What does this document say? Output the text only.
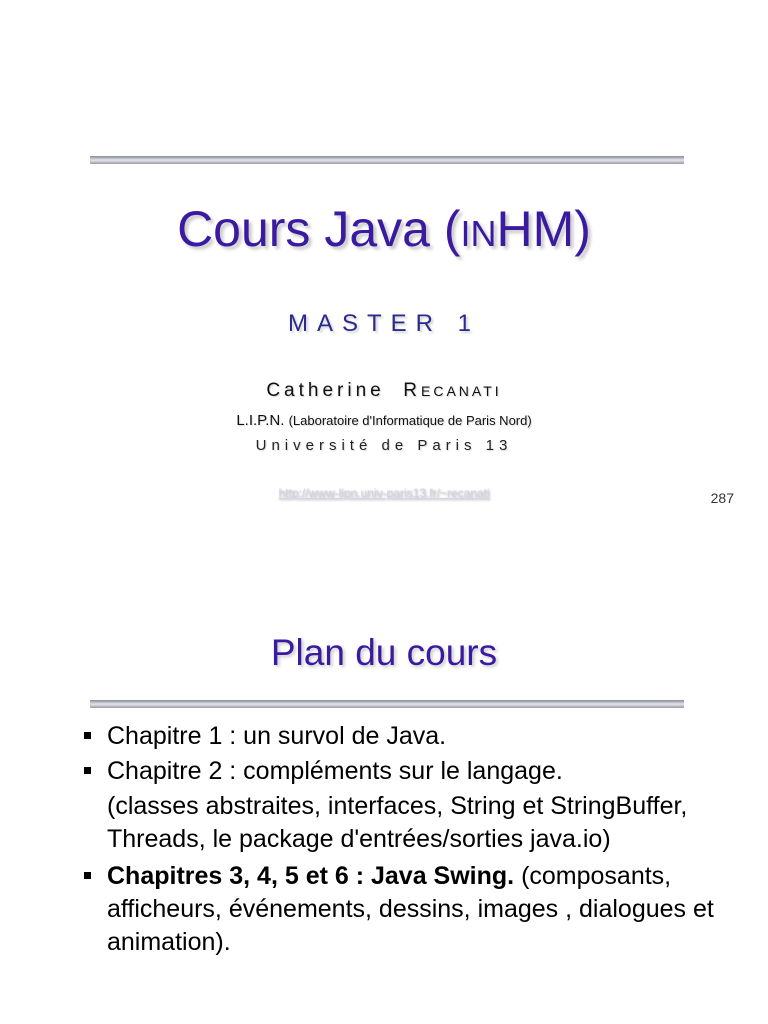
Cours Java (INHM)
MASTER 1
Catherine RECANATI
L.I.P.N. (Laboratoire d'Informatique de Paris Nord)
Université de Paris 13
http://www-lipn.univ-paris13.fr/~recanati	287
Plan du cours
Chapitre 1 : un survol de Java.
Chapitre 2 : compléments sur le langage.
(classes abstraites, interfaces, String et StringBuffer, Threads, le package d'entrées/sorties java.io)
Chapitres 3, 4, 5 et 6 : Java Swing. (composants, afficheurs, événements, dessins, images , dialogues et animation).
